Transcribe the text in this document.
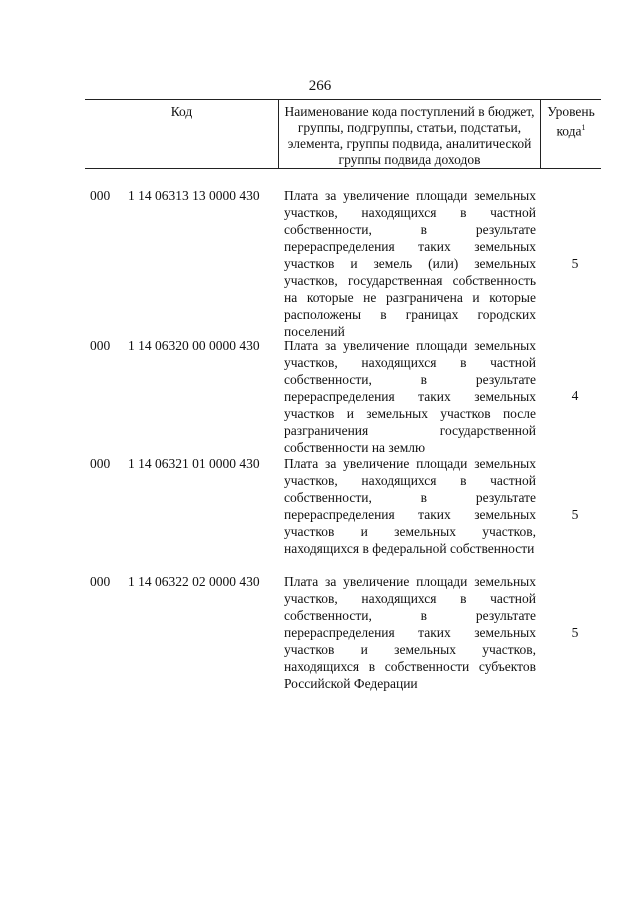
266
Код	Наименование кода поступлений в бюджет, группы, подгруппы, статьи, подстатьи, элемента, группы подвида, аналитической группы подвида доходов
Уровень кода$^1$
000 1 14 06313 13 0000 430 Плата за увеличение площади земельных участков, находящихся в частной собственности, в результате перераспределения таких земельных участков и земель (или) земельных участков, государственная собственность на которые не разграничена и которые расположены в границах городских поселений
5
000 1 14 06320 00 0000 430 Плата за увеличение площади земельных участков, находящихся в частной собственности, в результате перераспределения таких земельных участков и земельных участков после разграничения государственной собственности на землю
4
000 1 14 06321 01 0000 430 Плата за увеличение площади земельных участков, находящихся в частной собственности, в результате перераспределения таких земельных участков и земельных участков, находящихся в федеральной собственности
5
000 1 14 06322 02 0000 430 Плата за увеличение площади земельных участков, находящихся в частной собственности, в результате перераспределения таких земельных участков и земельных участков, находящихся в собственности субъектов Российской Федерации
5
